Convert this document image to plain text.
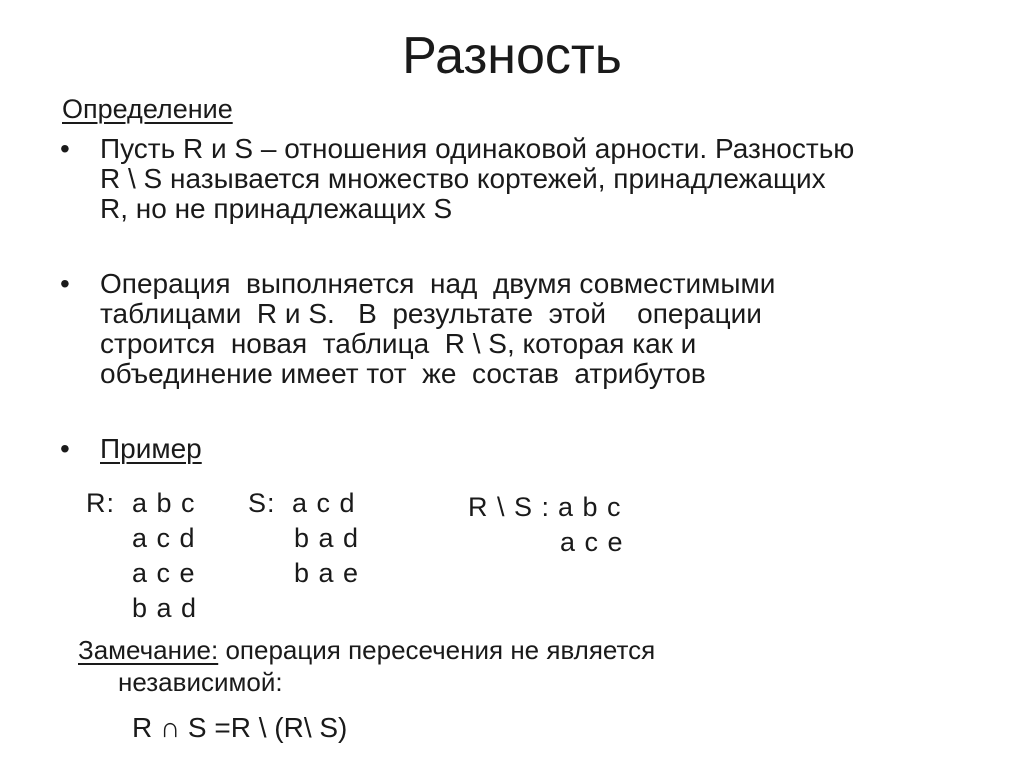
Разность
Определение
• Пусть R и S – отношения одинаковой арности. Разностью
R \ S называется множество кортежей, принадлежащих
R, но не принадлежащих S
• Операция  выполняется  над  двумя совместимыми
таблицами  R и S.   В  результате  этой    операции
строится  новая  таблица  R \ S, которая как и
объединение имеет тот  же  состав  атрибутов
• Пример
R: a b c
a c d
a c e
b a d
S: a c d
b a d
b a e
R \ S : a b c
a c e
Замечание: операция пересечения не является
независимой:
R ∩ S =R \ (R\ S)
